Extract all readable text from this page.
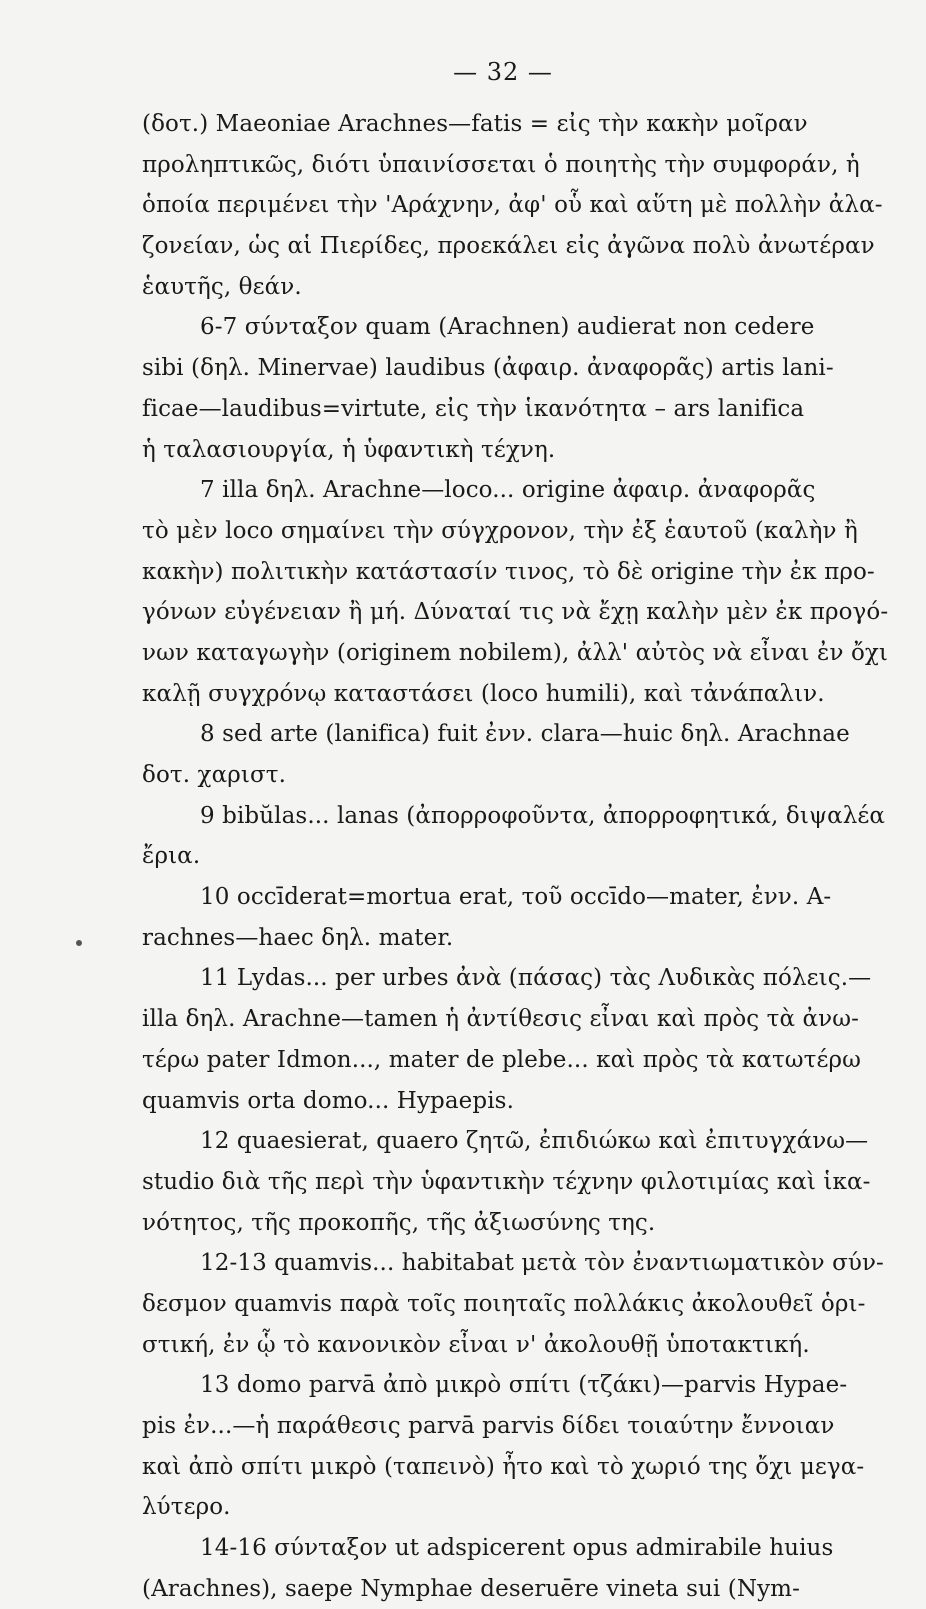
— 32 —
(δοτ.) Maeoniae Arachnes—fatis = εἰς τὴν κακὴν μοῖραν
προληπτικῶς, διότι ὑπαινίσσεται ὁ ποιητὴς τὴν συμφοράν, ἡ
ὁποία περιμένει τὴν 'Αράχνην, ἀφ' οὗ καὶ αὕτη μὲ πολλὴν ἀλα-
ζονείαν, ὡς αἱ Πιερίδες, προεκάλει εἰς ἀγῶνα πολὺ ἀνωτέραν
ἑαυτῆς, θεάν.
6-7 σύνταξον quam (Arachnen) audierat non cedere
sibi (δηλ. Minervae) laudibus (ἀφαιρ. ἀναφορᾶς) artis lani-
ficae—laudibus=virtute, εἰς τὴν ἱκανότητα – ars lanifica
ἡ ταλασιουργία, ἡ ὑφαντικὴ τέχνη.
7 illa δηλ. Arachne—loco... origine ἀφαιρ. ἀναφορᾶς
τὸ μὲν loco σημαίνει τὴν σύγχρονον, τὴν ἐξ ἑαυτοῦ (καλὴν ἢ
κακὴν) πολιτικὴν κατάστασίν τινος, τὸ δὲ origine τὴν ἐκ προ-
γόνων εὐγένειαν ἢ μή. Δύναταί τις νὰ ἔχῃ καλὴν μὲν ἐκ προγό-
νων καταγωγὴν (originem nobilem), ἀλλ' αὐτὸς νὰ εἶναι ἐν ὄχι
καλῇ συγχρόνῳ καταστάσει (loco humili), καὶ τἀνάπαλιν.
8 sed arte (lanifica) fuit ἐνν. clara—huic δηλ. Arachnae
δοτ. χαριστ.
9 bibŭlas... lanas (ἀπορροφοῦντα, ἀπορροφητικά, διψαλέα
ἔρια.
10 occīderat=mortua erat, τοῦ occīdo—mater, ἐνν. A-
rachnes—haec δηλ. mater.
11 Lydas... per urbes ἀνὰ (πάσας) τὰς Λυδικὰς πόλεις.—
illa δηλ. Arachne—tamen ἡ ἀντίθεσις εἶναι καὶ πρὸς τὰ ἀνω-
τέρω pater Idmon..., mater de plebe... καὶ πρὸς τὰ κατωτέρω
quamvis orta domo... Hypaepis.
12 quaesierat, quaero ζητῶ, ἐπιδιώκω καὶ ἐπιτυγχάνω—
studio διὰ τῆς περὶ τὴν ὑφαντικὴν τέχνην φιλοτιμίας καὶ ἱκα-
νότητος, τῆς προκοπῆς, τῆς ἀξιωσύνης της.
12-13 quamvis... habitabat μετὰ τὸν ἐναντιωματικὸν σύν-
δεσμον quamvis παρὰ τοῖς ποιηταῖς πολλάκις ἀκολουθεῖ ὁρι-
στική, ἐν ᾧ τὸ κανονικὸν εἶναι ν' ἀκολουθῇ ὑποτακτική.
13 domo parvā ἀπὸ μικρὸ σπίτι (τζάκι)—parvis Hypae-
pis ἐν...—ἡ παράθεσις parvā parvis δίδει τοιαύτην ἔννοιαν
καὶ ἀπὸ σπίτι μικρὸ (ταπεινὸ) ἦτο καὶ τὸ χωριό της ὄχι μεγα-
λύτερο.
14-16 σύνταξον ut adspicerent opus admirabile huius
(Arachnes), saepe Nymphae deseruēre vineta sui (Nym-
